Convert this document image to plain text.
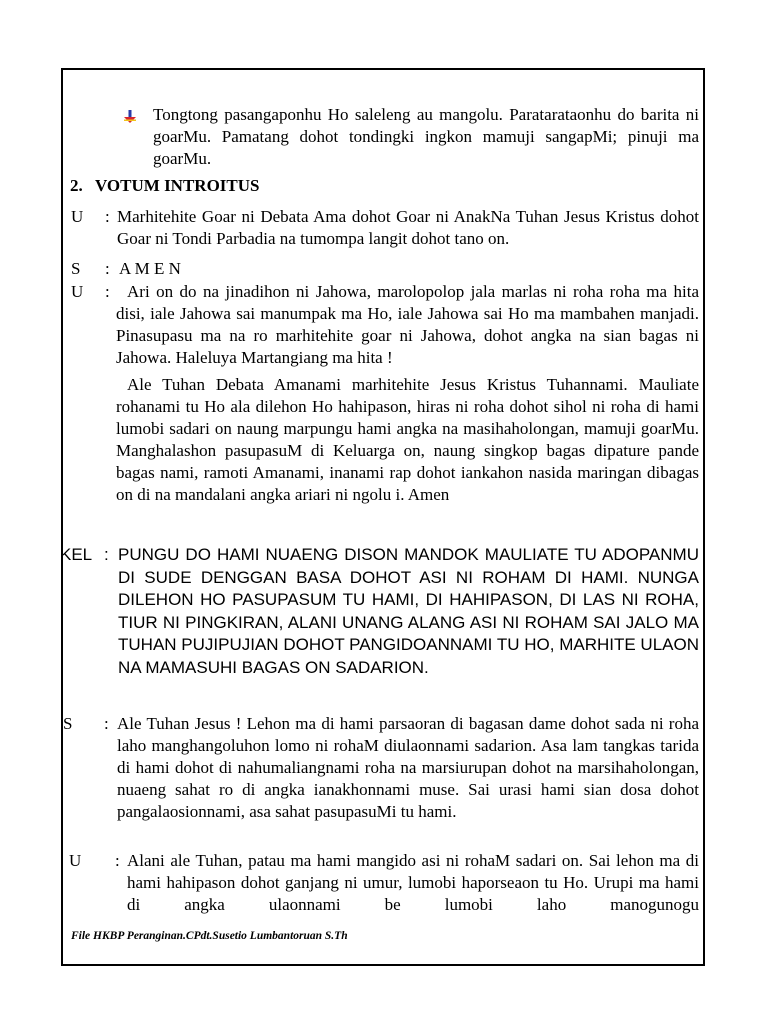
Tongtong pasangaponhu Ho saleleng au mangolu. Paratarataonhu do barita ni goarMu. Pamatang dohot tondingki ingkon mamuji sangapMi; pinuji ma goarMu.
2. VOTUM INTROITUS
U : Marhitehite Goar ni Debata Ama dohot Goar ni AnakNa Tuhan Jesus Kristus dohot Goar ni Tondi Parbadia na tumompa langit dohot tano on.
S : A M E N
U :	Ari on do na jinadihon ni Jahowa, marolopolop jala marlas ni roha roha ma hita disi, iale Jahowa sai manumpak ma Ho, iale Jahowa sai Ho ma mambahen manjadi. Pinasupasu ma na ro marhitehite goar ni Jahowa, dohot angka na sian bagas ni Jahowa. Haleluya Martangiang ma hita !
Ale Tuhan Debata Amanami marhitehite Jesus Kristus Tuhannami. Mauliate rohanami tu Ho ala dilehon Ho hahipason, hiras ni roha dohot sihol ni roha di hami lumobi sadari on naung marpungu hami angka na masihaholongan, mamuji goarMu. Manghalashon pasupasuM di Keluarga on, naung singkop bagas dipature pande bagas nami, ramoti Amanami, inanami rap dohot iankahon nasida maringan dibagas on di na mandalani angka ariari ni ngolu i. Amen
KEL : PUNGU DO HAMI NUAENG DISON MANDOK MAULIATE TU ADOPANMU DI SUDE DENGGAN BASA DOHOT ASI NI ROHAM DI HAMI. NUNGA DILEHON HO PASUPASUM TU HAMI, DI HAHIPASON, DI LAS NI ROHA, TIUR NI PINGKIRAN, ALANI UNANG ALANG ASI NI ROHAM SAI JALO MA TUHAN PUJIPUJIAN DOHOT PANGIDOANNAMI TU HO, MARHITE ULAON NA MAMASUHI BAGAS ON SADARION.
S : Ale Tuhan Jesus ! Lehon ma di hami parsaoran di bagasan dame dohot sada ni roha laho manghangoluhon lomo ni rohaM diulaonnami sadarion. Asa lam tangkas tarida di hami dohot di nahumaliangnami roha na marsiurupan dohot na marsihaholongan, nuaeng sahat ro di angka ianakhonnami muse. Sai urasi hami sian dosa dohot pangalaosionnami, asa sahat pasupasuMi tu hami.
U : Alani ale Tuhan, patau ma hami mangido asi ni rohaM sadari on. Sai lehon ma di hami hahipason dohot ganjang ni umur, lumobi haporseaon tu Ho. Urupi ma hami di angka ulaonnami be lumobi laho manogunogu
File HKBP Peranginan.CPdt.Susetio Lumbantoruan S.Th
